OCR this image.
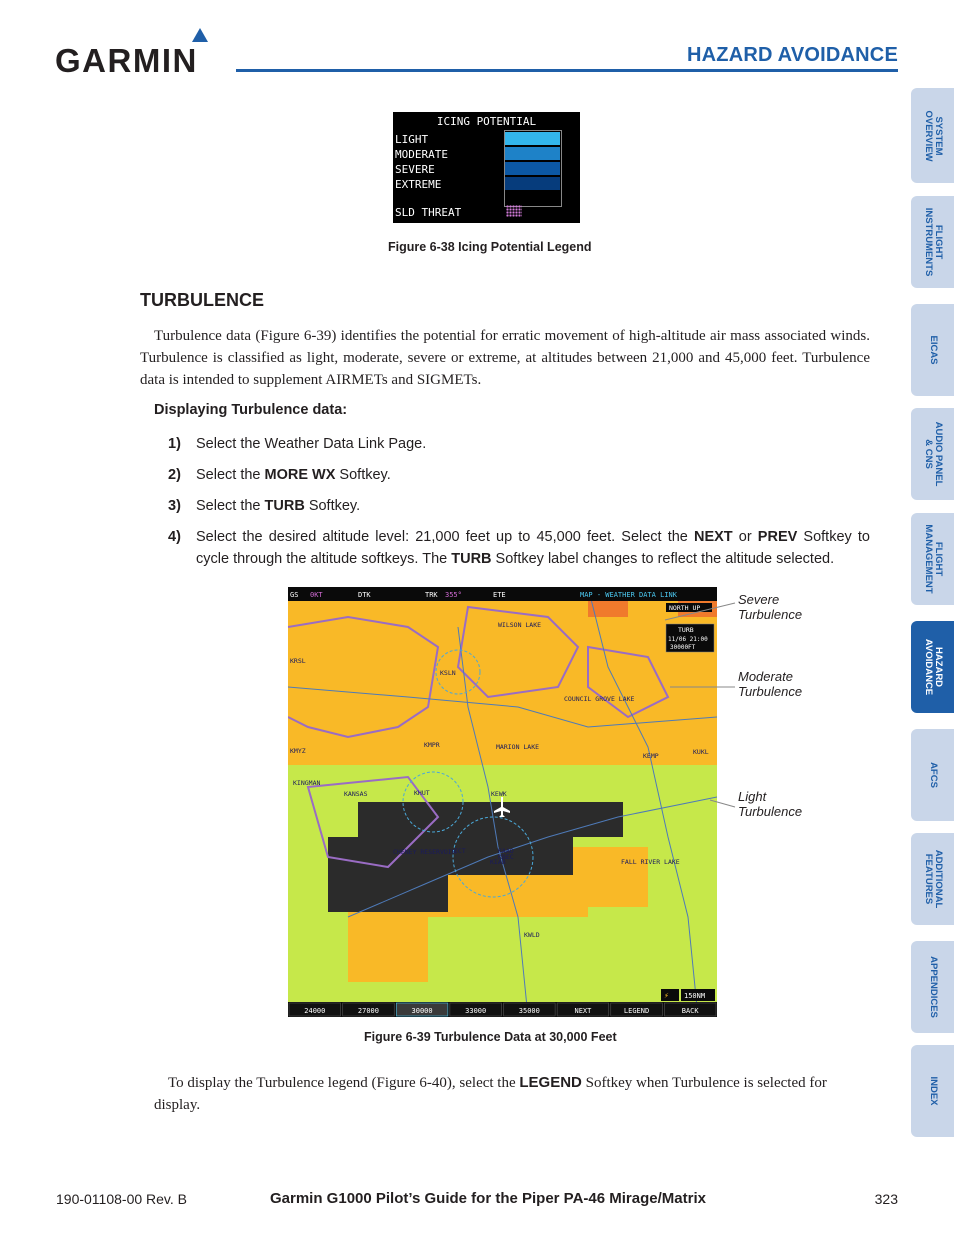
GARMIN	HAZARD AVOIDANCE
SYSTEM
OVERVIEW
FLIGHT
INSTRUMENTS
EICAS
AUDIO PANEL
& CNS
FLIGHT
MANAGEMENT
HAZARD
AVOIDANCE
AFCS
ADDITIONAL
FEATURES
APPENDICES
INDEX
ICING POTENTIAL
LIGHT
MODERATE
SEVERE
EXTREME
SLD THREAT
Figure 6-38 Icing Potential Legend
TURBULENCE

Turbulence data (Figure 6-39) identifies the potential for erratic movement of high-altitude air mass associated winds. Turbulence is classified as light, moderate, severe or extreme, at altitudes between 21,000 and 45,000 feet. Turbulence data is intended to supplement AIRMETs and SIGMETs.

Displaying Turbulence data:
1) Select the Weather Data Link Page.
2) Select the MORE WX Softkey.
3) Select the TURB Softkey.
4) Select the desired altitude level: 21,000 feet up to 45,000 feet. Select the NEXT or PREV Softkey to cycle through the altitude softkeys. The TURB Softkey label changes to reflect the altitude selected.
GS 0KT	DTK	TRK 355°	ETE	MAP - WEATHER DATA LINK
NORTH UP
TURB
11/06 21:00
30000FT
WILSON LAKE
KSLN
KRSL
KMPR
KMYZ
KHUT	KEWK
KIAB
KAAO
KBEC
ICT
KWLD
KEMP	KUKL
MARION LAKE
COUNCIL GROVE LAKE
KINGMAN
CHENEY RESERVOIR
FALL RIVER LAKE
KANSAS
24000	27000	30000	33000	35000	NEXT	LEGEND	BACK
150NM
⚡
Severe
Turbulence
Moderate
Turbulence
Light
Turbulence
Figure 6-39 Turbulence Data at 30,000 Feet

To display the Turbulence legend (Figure 6-40), select the LEGEND Softkey when Turbulence is selected for display.

190-01108-00 Rev. B	Garmin G1000 Pilot’s Guide for the Piper PA-46 Mirage/Matrix	323
